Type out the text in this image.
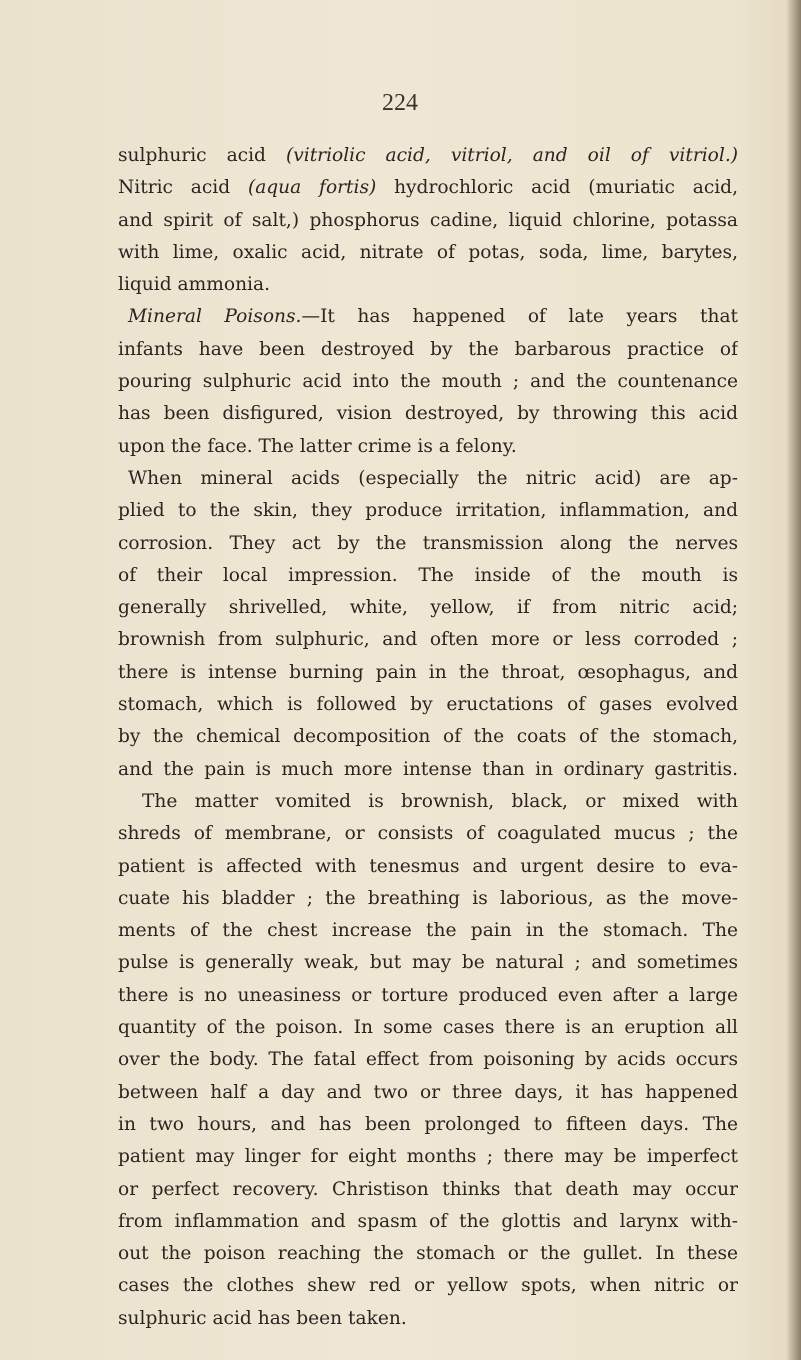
224

sulphuric acid (vitriolic acid, vitriol, and oil of vitriol.)
Nitric acid (aqua fortis) hydrochloric acid (muriatic acid,
and spirit of salt,) phosphorus cadine, liquid chlorine, potassa
with lime, oxalic acid, nitrate of potas, soda, lime, barytes,
liquid ammonia.
Mineral Poisons.—It has happened of late years that
infants have been destroyed by the barbarous practice of
pouring sulphuric acid into the mouth ; and the countenance
has been disfigured, vision destroyed, by throwing this acid
upon the face. The latter crime is a felony.
When mineral acids (especially the nitric acid) are ap-
plied to the skin, they produce irritation, inflammation, and
corrosion. They act by the transmission along the nerves
of their local impression. The inside of the mouth is
generally shrivelled, white, yellow, if from nitric acid;
brownish from sulphuric, and often more or less corroded ;
there is intense burning pain in the throat, œsophagus, and
stomach, which is followed by eructations of gases evolved
by the chemical decomposition of the coats of the stomach,
and the pain is much more intense than in ordinary gastritis.
The matter vomited is brownish, black, or mixed with
shreds of membrane, or consists of coagulated mucus ; the
patient is affected with tenesmus and urgent desire to eva-
cuate his bladder ; the breathing is laborious, as the move-
ments of the chest increase the pain in the stomach. The
pulse is generally weak, but may be natural ; and sometimes
there is no uneasiness or torture produced even after a large
quantity of the poison. In some cases there is an eruption all
over the body. The fatal effect from poisoning by acids occurs
between half a day and two or three days, it has happened
in two hours, and has been prolonged to fifteen days. The
patient may linger for eight months ; there may be imperfect
or perfect recovery. Christison thinks that death may occur
from inflammation and spasm of the glottis and larynx with-
out the poison reaching the stomach or the gullet. In these
cases the clothes shew red or yellow spots, when nitric or
sulphuric acid has been taken.
